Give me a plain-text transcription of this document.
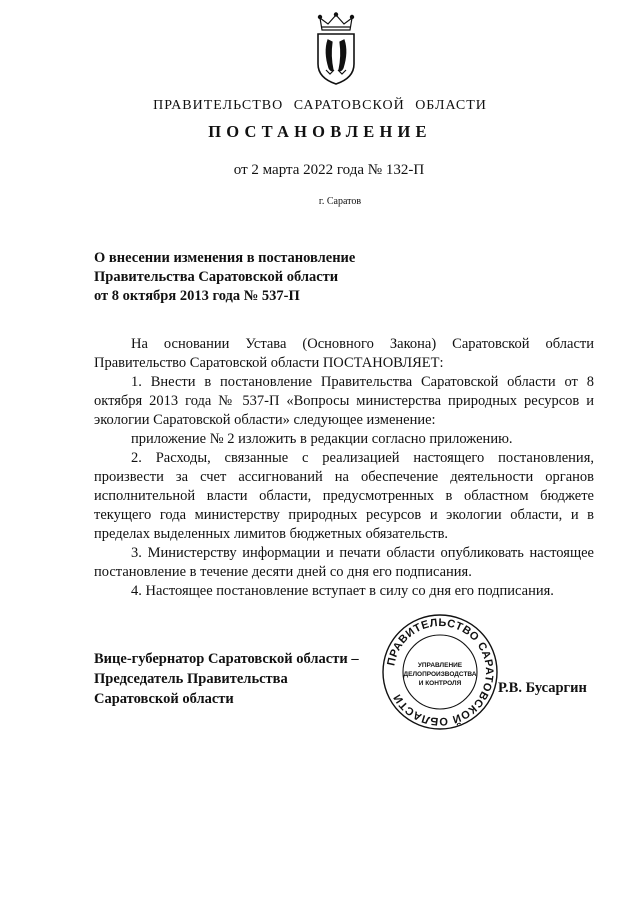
ПРАВИТЕЛЬСТВО САРАТОВСКОЙ ОБЛАСТИ
ПОСТАНОВЛЕНИЕ
от 2 марта 2022 года № 132-П
г. Саратов
О внесении изменения в постановление
Правительства Саратовской области
от 8 октября 2013 года № 537-П

На основании Устава (Основного Закона) Саратовской области Правительство Саратовской области ПОСТАНОВЛЯЕТ:

1. Внести в постановление Правительства Саратовской области от 8 октября 2013 года № 537-П «Вопросы министерства природных ресурсов и экологии Саратовской области» следующее изменение:

приложение № 2 изложить в редакции согласно приложению.

2. Расходы, связанные с реализацией настоящего постановления, произвести за счет ассигнований на обеспечение деятельности органов исполнительной власти области, предусмотренных в областном бюджете текущего года министерству природных ресурсов и экологии области, и в пределах выделенных лимитов бюджетных обязательств.

3. Министерству информации и печати области опубликовать настоящее постановление в течение десяти дней со дня его подписания.

4. Настоящее постановление вступает в силу со дня его подписания.

Вице-губернатор Саратовской области –
Председатель Правительства
Саратовской области
Р.В. Бусаргин
ПРАВИТЕЛЬСТВО САРАТОВСКОЙ ОБЛАСТИ
УПРАВЛЕНИЕ
ДЕЛОПРОИЗВОДСТВА
И КОНТРОЛЯ
